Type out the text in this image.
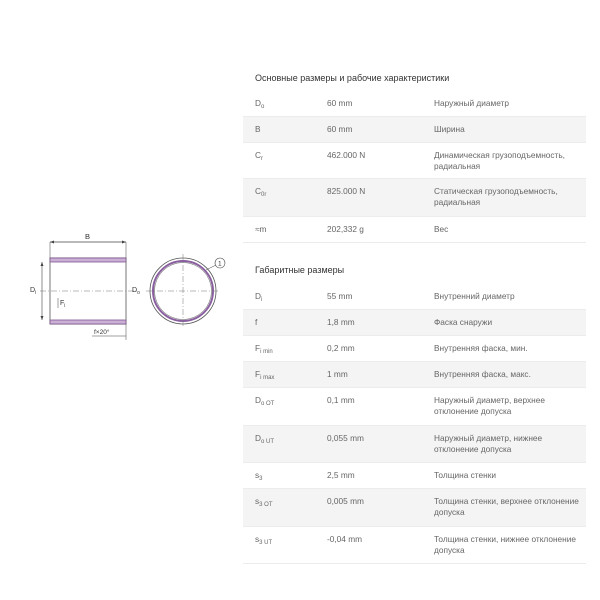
B
$D_i$
$F_i$
f×20°
$D_o$
1
Основные размеры и рабочие характеристики
$D_o$	60 mm	Наружный диаметр
B	60 mm	Ширина
$C_r$	462.000 N	Динамическая грузоподъемность, радиальная
$C_{0r}$	825.000 N	Статическая грузоподъемность, радиальная
≈m	202,332 g	Вес
Габаритные размеры
$D_i$	55 mm	Внутренний диаметр
f	1,8 mm	Фаска снаружи
$F_{i min}$	0,2 mm	Внутренняя фаска, мин.
$F_{i max}$	1 mm	Внутренняя фаска, макс.
$D_{o OT}$	0,1 mm	Наружный диаметр, верхнее отклонение допуска
$D_{o UT}$	0,055 mm	Наружный диаметр, нижнее отклонение допуска
$s_3$	2,5 mm	Толщина стенки
$s_{3 OT}$	0,005 mm	Толщина стенки, верхнее отклонение допуска
$s_{3 UT}$	-0,04 mm	Толщина стенки, нижнее отклонение допуска
